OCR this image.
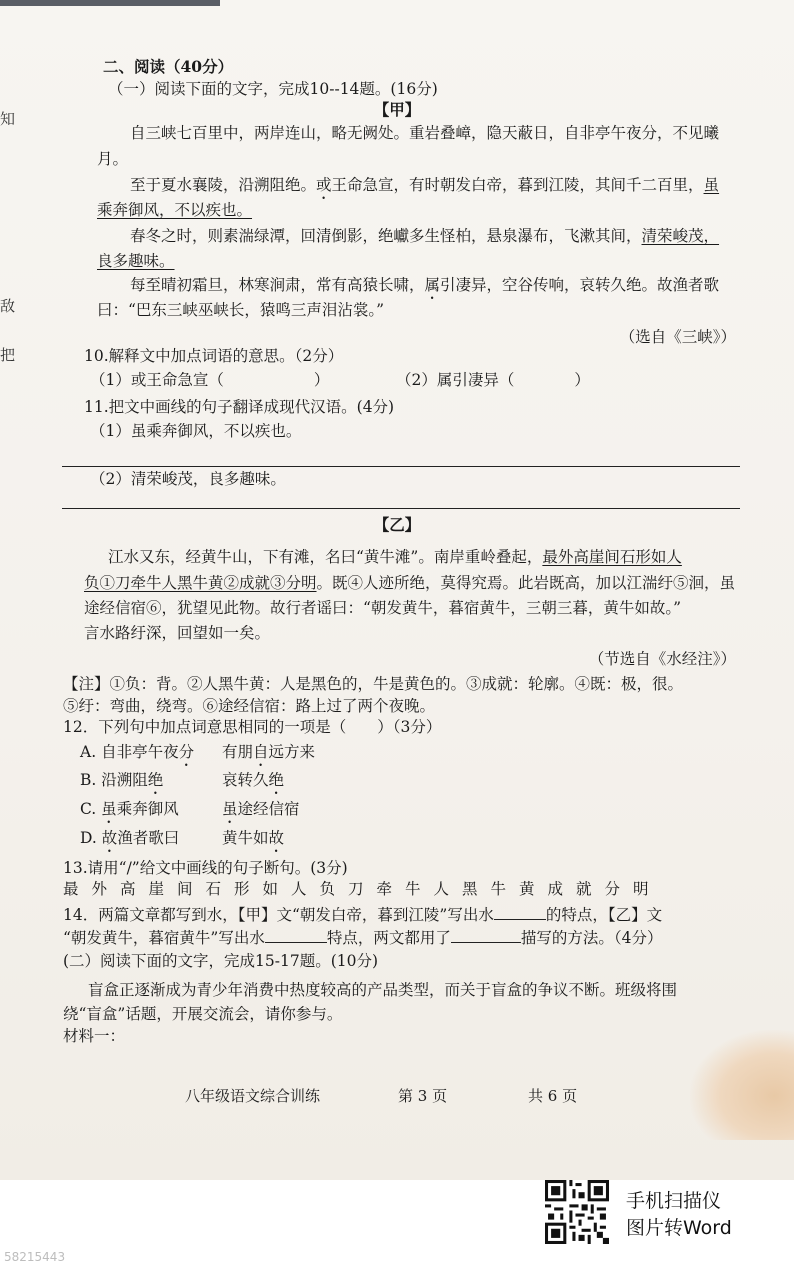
知
敌
把
二、阅读（40分）
（一）阅读下面的文字，完成10--14题。(16分)
【甲】
自三峡七百里中，两岸连山，略无阙处。重岩叠嶂，隐天蔽日，自非亭午夜分，不见曦
月。
至于夏水襄陵，沿溯阻绝。或王命急宣，有时朝发白帝，暮到江陵，其间千二百里，虽
乘奔御风，不以疾也。
春冬之时，则素湍绿潭，回清倒影，绝巘多生怪柏，悬泉瀑布，飞漱其间，清荣峻茂，
良多趣味。
每至晴初霜旦，林寒涧肃，常有高猿长啸，属引凄异，空谷传响，哀转久绝。故渔者歌
曰：“巴东三峡巫峡长，猿鸣三声泪沾裳。”
（选自《三峡》）
10.解释文中加点词语的意思。（2分）
（1）或王命急宣（	）	（2）属引凄异（	）
11.把文中画线的句子翻译成现代汉语。(4分)
（1）虽乘奔御风，不以疾也。
（2）清荣峻茂，良多趣味。
【乙】
江水又东，经黄牛山，下有滩，名曰“黄牛滩”。南岸重岭叠起，最外高崖间石形如人
负①刀牵牛人黑牛黄②成就③分明。既④人迹所绝，莫得究焉。此岩既高，加以江湍纡⑤洄，虽
途经信宿⑥，犹望见此物。故行者谣曰：“朝发黄牛，暮宿黄牛，三朝三暮，黄牛如故。”
言水路纡深，回望如一矣。
（节选自《水经注》）
【注】①负：背。②人黑牛黄：人是黑色的，牛是黄色的。③成就：轮廓。④既：极，很。
⑤纡：弯曲，绕弯。⑥途经信宿：路上过了两个夜晚。
12．下列句中加点词意思相同的一项是（　　）（3分）
A. 自非亭午夜分 有朋自远方来
B. 沿溯阻绝	哀转久绝
C. 虽乘奔御风	虽途经信宿
D. 故渔者歌曰	黄牛如故
13.请用“/”给文中画线的句子断句。(3分)
最外高崖间石形如人负刀牵牛人黑牛黄成就分明
14．两篇文章都写到水，【甲】文“朝发白帝，暮到江陵”写出水	的特点，【乙】文
“朝发黄牛，暮宿黄牛”写出水	特点，两文都用了	描写的方法。（4分）
(二）阅读下面的文字，完成15-17题。(10分)
盲盒正逐渐成为青少年消费中热度较高的产品类型，而关于盲盒的争议不断。班级将围
绕“盲盒”话题，开展交流会，请你参与。
材料一：
八年级语文综合训练	第 3 页	共 6 页
手机扫描仪
图片转Word
58215443
